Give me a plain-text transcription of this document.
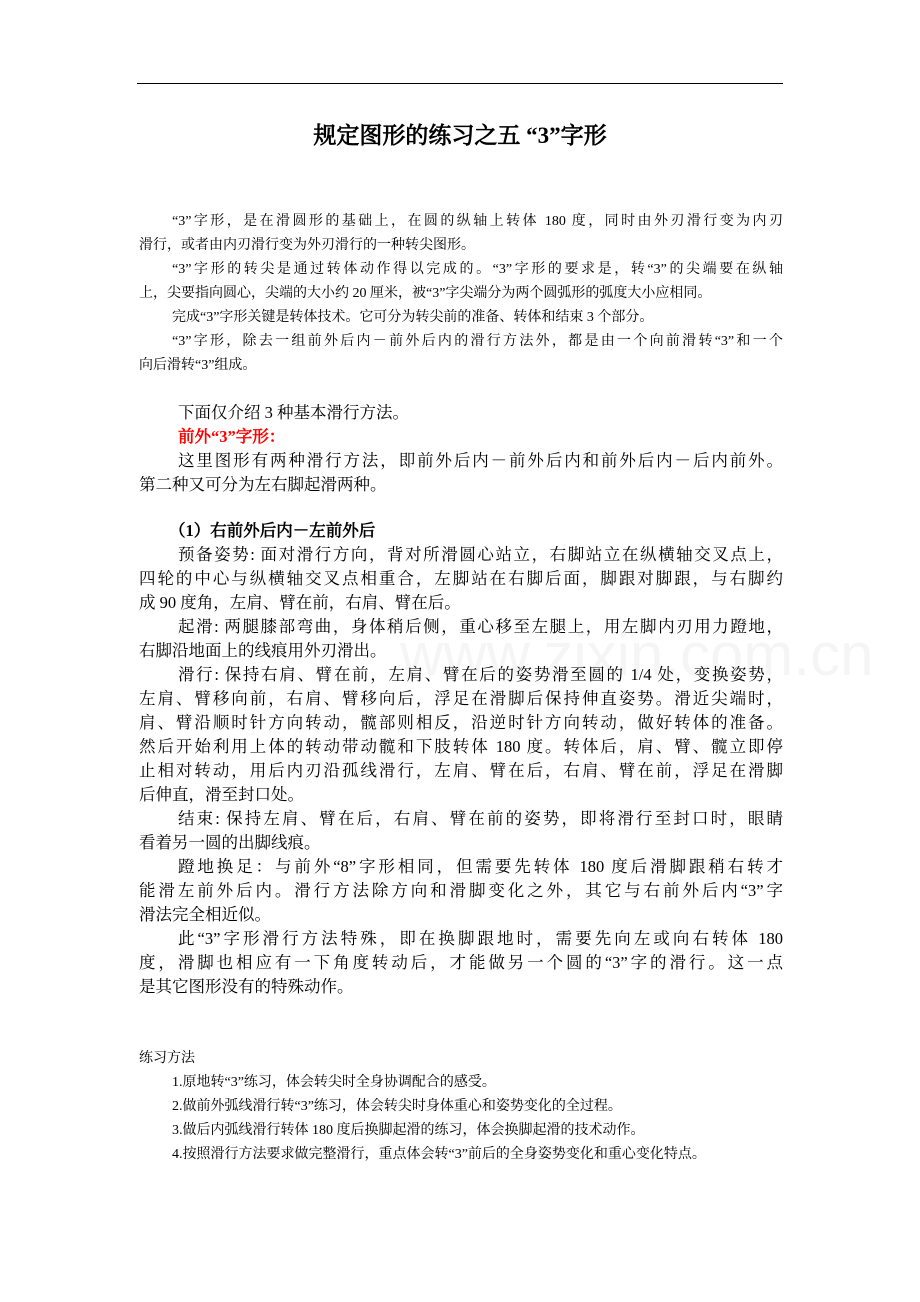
规定图形的练习之五 “3”字形
“3”字形，是在滑圆形的基础上，在圆的纵轴上转体 180 度，同时由外刃滑行变为内刃
滑行，或者由内刃滑行变为外刃滑行的一种转尖图形。
“3”字形的转尖是通过转体动作得以完成的。“3”字形的要求是，转“3”的尖端要在纵轴
上，尖要指向圆心，尖端的大小约 20 厘米，被“3”字尖端分为两个圆弧形的弧度大小应相同。
完成“3”字形关键是转体技术。它可分为转尖前的准备、转体和结束 3 个部分。
“3”字形，除去一组前外后内－前外后内的滑行方法外，都是由一个向前滑转“3”和一个
向后滑转“3”组成。
下面仅介绍 3 种基本滑行方法。
前外“3”字形：
这里图形有两种滑行方法，即前外后内－前外后内和前外后内－后内前外。
第二种又可分为左右脚起滑两种。
（1）右前外后内－左前外后
预备姿势: 面对滑行方向，背对所滑圆心站立，右脚站立在纵横轴交叉点上，
四轮的中心与纵横轴交叉点相重合，左脚站在右脚后面，脚跟对脚跟，与右脚约
成 90 度角，左肩、臂在前，右肩、臂在后。
起滑: 两腿膝部弯曲，身体稍后侧，重心移至左腿上，用左脚内刃用力蹬地，
右脚沿地面上的线痕用外刃滑出。
滑行: 保持右肩、臂在前，左肩、臂在后的姿势滑至圆的 1/4 处，变换姿势，
左肩、臂移向前，右肩、臂移向后，浮足在滑脚后保持伸直姿势。滑近尖端时，
肩、臂沿顺时针方向转动，髋部则相反，沿逆时针方向转动，做好转体的准备。
然后开始利用上体的转动带动髋和下肢转体 180 度。转体后，肩、臂、髋立即停
止相对转动，用后内刃沿孤线滑行，左肩、臂在后，右肩、臂在前，浮足在滑脚
后伸直，滑至封口处。
结束: 保持左肩、臂在后，右肩、臂在前的姿势，即将滑行至封口时，眼睛
看着另一圆的出脚线痕。
蹬地换足：与前外“8”字形相同，但需要先转体 180 度后滑脚跟稍右转才
能滑左前外后内。滑行方法除方向和滑脚变化之外，其它与右前外后内“3”字
滑法完全相近似。
此“3”字形滑行方法特殊，即在换脚跟地时，需要先向左或向右转体 180
度，滑脚也相应有一下角度转动后，才能做另一个圆的“3”字的滑行。这一点
是其它图形没有的特殊动作。
练习方法
1.原地转“3”练习，体会转尖时全身协调配合的感受。
2.做前外弧线滑行转“3”练习，体会转尖时身体重心和姿势变化的全过程。
3.做后内弧线滑行转体 180 度后换脚起滑的练习，体会换脚起滑的技术动作。
4.按照滑行方法要求做完整滑行，重点体会转“3”前后的全身姿势变化和重心变化特点。
